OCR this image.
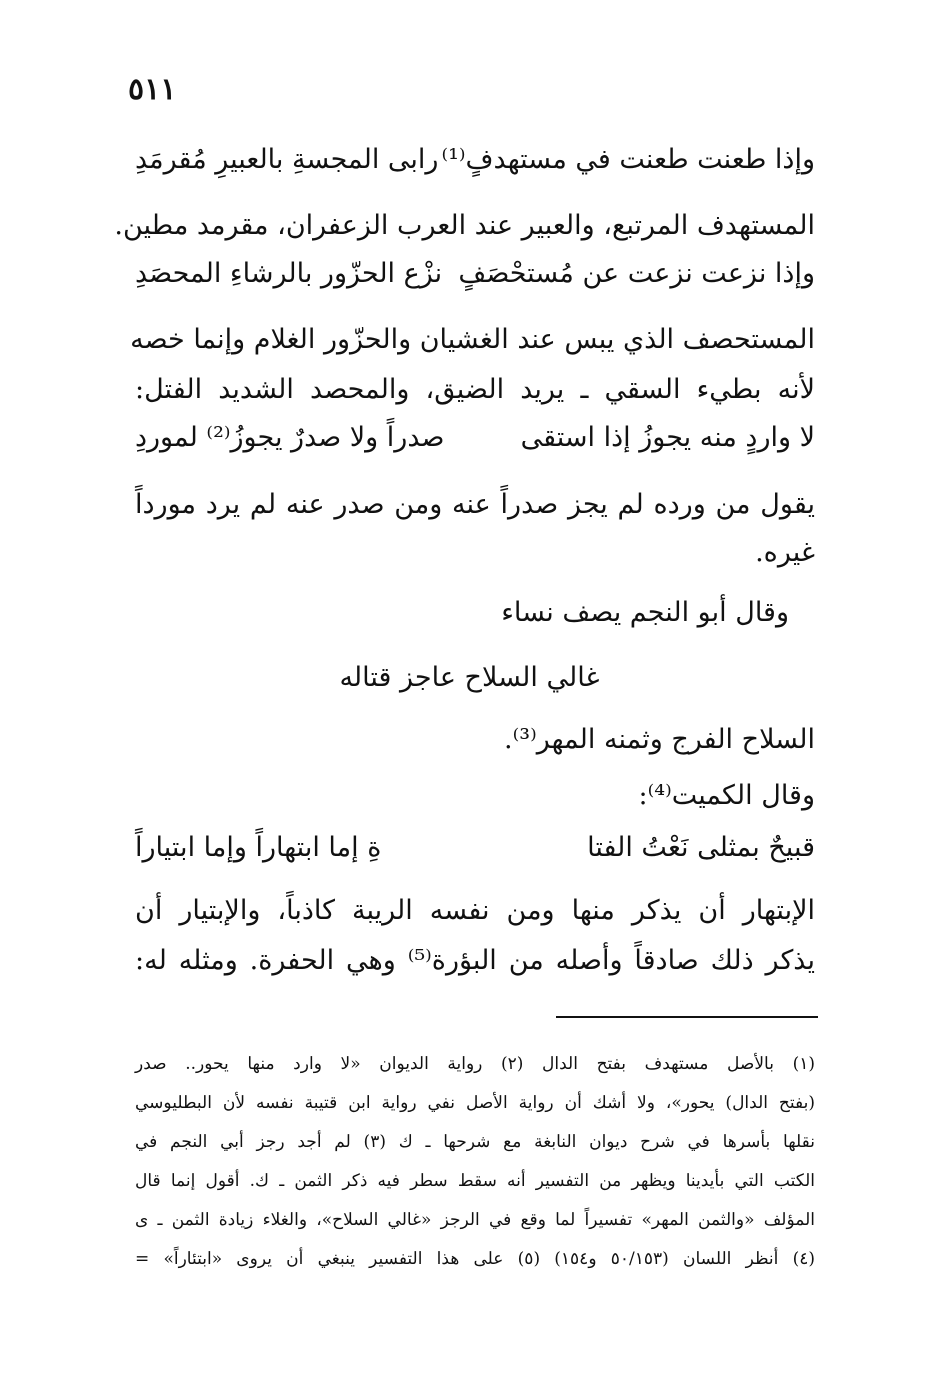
٥١١
وإذا طعنت طعنت في مستهدفٍ⁽¹⁾
رابى المجسةِ بالعبيرِ مُقرمَدِ
المستهدف المرتبع، والعبير عند العرب الزعفران، مقرمد مطين.
وإذا نزعت نزعت عن مُستحْصَفٍ
نزْع الحزّور بالرشاءِ المحصَدِ
المستحصف الذي يبس عند الغشيان والحزّور الغلام وإنما خصه
لأنه بطيء السقي ـ يريد الضيق، والمحصد الشديد الفتل:
لا واردٍ منه يجوزُ إذا استقى
صدراً ولا صدرٌ يجوزُ⁽²⁾ لموردِ
يقول من ورده لم يجز صدراً عنه ومن صدر عنه لم يرد مورداً
غيره.
وقال أبو النجم يصف نساء
غالي السلاح عاجز قتاله
السلاح الفرج وثمنه المهر⁽³⁾.
وقال الكميت⁽⁴⁾:
قبيحٌ بمثلى نَعْتُ الفتا
ةِ إما ابتهاراً وإما ابتياراً
الإبتهار أن يذكر منها ومن نفسه الريبة كاذباً، والإبتيار أن
يذكر ذلك صادقاً وأصله من البؤرة⁽⁵⁾ وهي الحفرة. ومثله له:
(١) بالأصل مستهدف بفتح الدال (٢) رواية الديوان «لا وارد منها يحور.. صدر
(بفتح الدال) يحور»، ولا أشك أن رواية الأصل نفي رواية ابن قتيبة نفسه لأن البطليوسي
نقلها بأسرها في شرح ديوان النابغة مع شرحها ـ ك (٣) لم أجد رجز أبي النجم في
الكتب التي بأيدينا ويظهر من التفسير أنه سقط سطر فيه ذكر الثمن ـ ك. أقول إنما قال
المؤلف «والثمن المهر» تفسيراً لما وقع في الرجز «غالي السلاح»، والغلاء زيادة الثمن ـ ى
(٤) أنظر اللسان (٥٠/١٥٣ و١٥٤) (٥) على هذا التفسير ينبغي أن يروى «ابتئاراً» =
